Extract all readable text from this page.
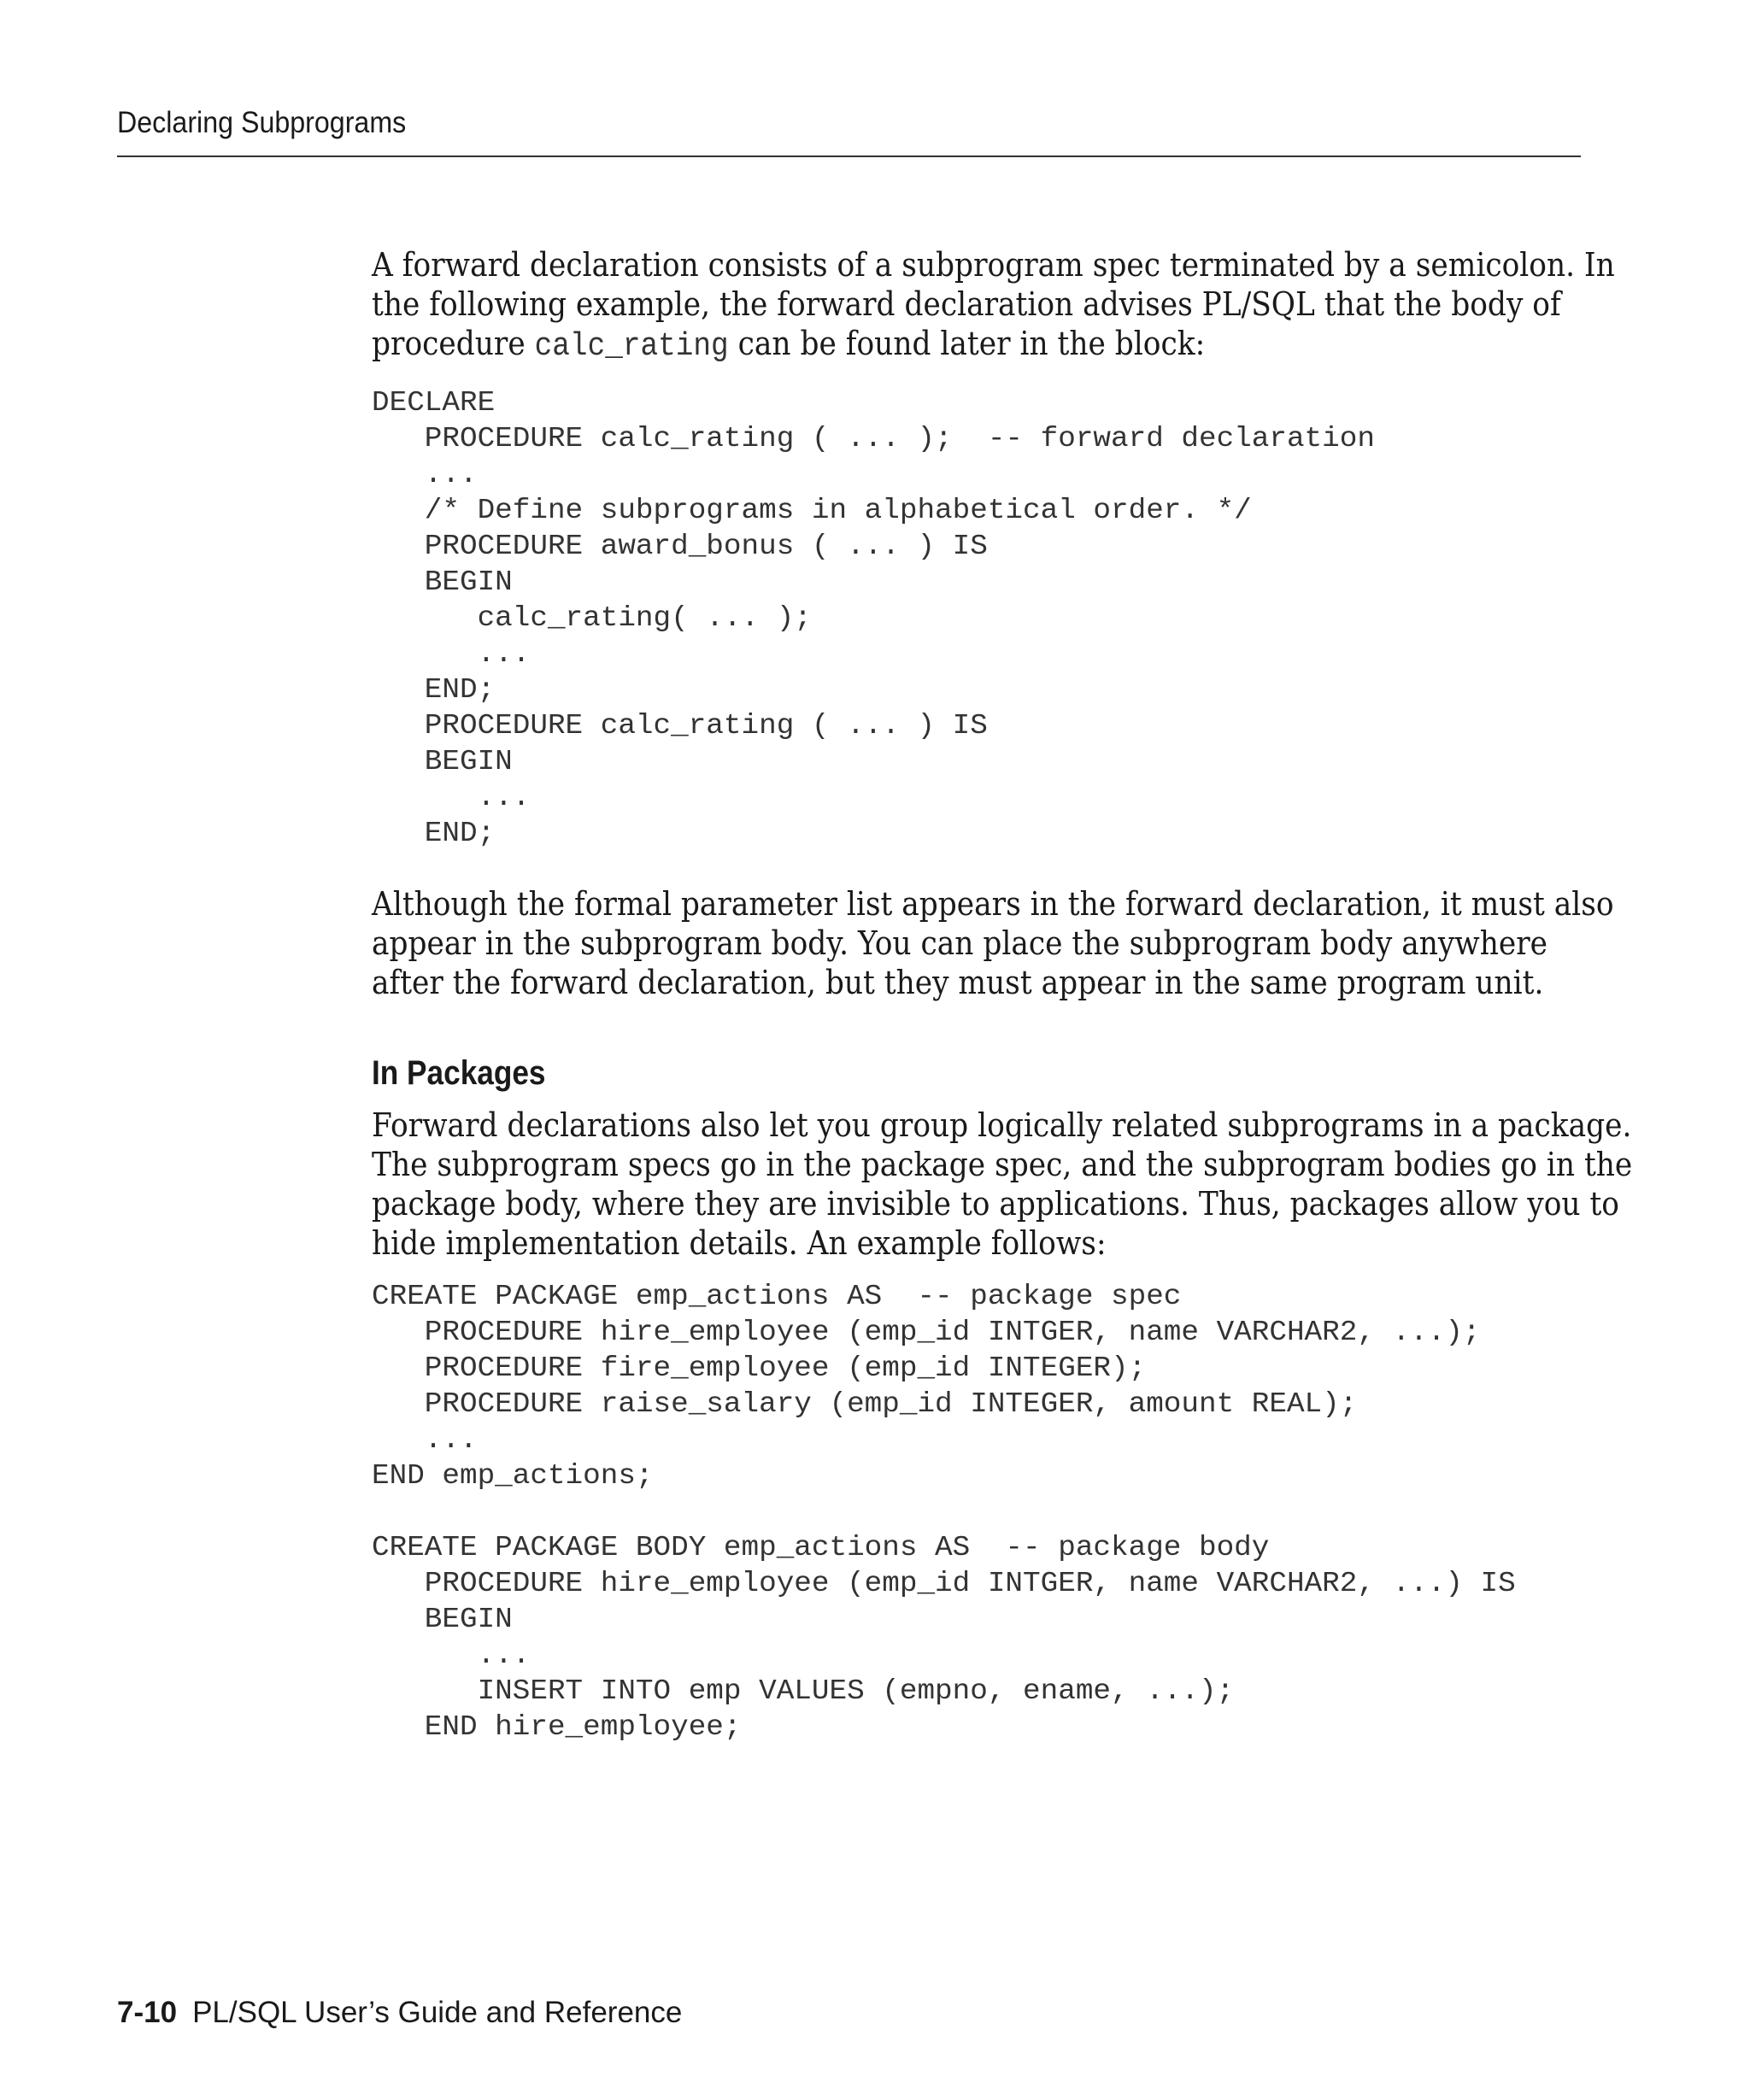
Declaring Subprograms

A forward declaration consists of a subprogram spec terminated by a semicolon. In
the following example, the forward declaration advises PL/SQL that the body of
procedure calc_rating can be found later in the block:

DECLARE
PROCEDURE calc_rating ( ... );  -- forward declaration
...
/* Define subprograms in alphabetical order. */
PROCEDURE award_bonus ( ... ) IS
BEGIN
calc_rating( ... );
...
END;
PROCEDURE calc_rating ( ... ) IS
BEGIN
...
END;

Although the formal parameter list appears in the forward declaration, it must also
appear in the subprogram body. You can place the subprogram body anywhere
after the forward declaration, but they must appear in the same program unit.

In Packages

Forward declarations also let you group logically related subprograms in a package.
The subprogram specs go in the package spec, and the subprogram bodies go in the
package body, where they are invisible to applications. Thus, packages allow you to
hide implementation details. An example follows:

CREATE PACKAGE emp_actions AS  -- package spec
PROCEDURE hire_employee (emp_id INTGER, name VARCHAR2, ...);
PROCEDURE fire_employee (emp_id INTEGER);
PROCEDURE raise_salary (emp_id INTEGER, amount REAL);
...
END emp_actions;

CREATE PACKAGE BODY emp_actions AS  -- package body
PROCEDURE hire_employee (emp_id INTGER, name VARCHAR2, ...) IS
BEGIN
...
INSERT INTO emp VALUES (empno, ename, ...);
END hire_employee;
7-10 PL/SQL User’s Guide and Reference
